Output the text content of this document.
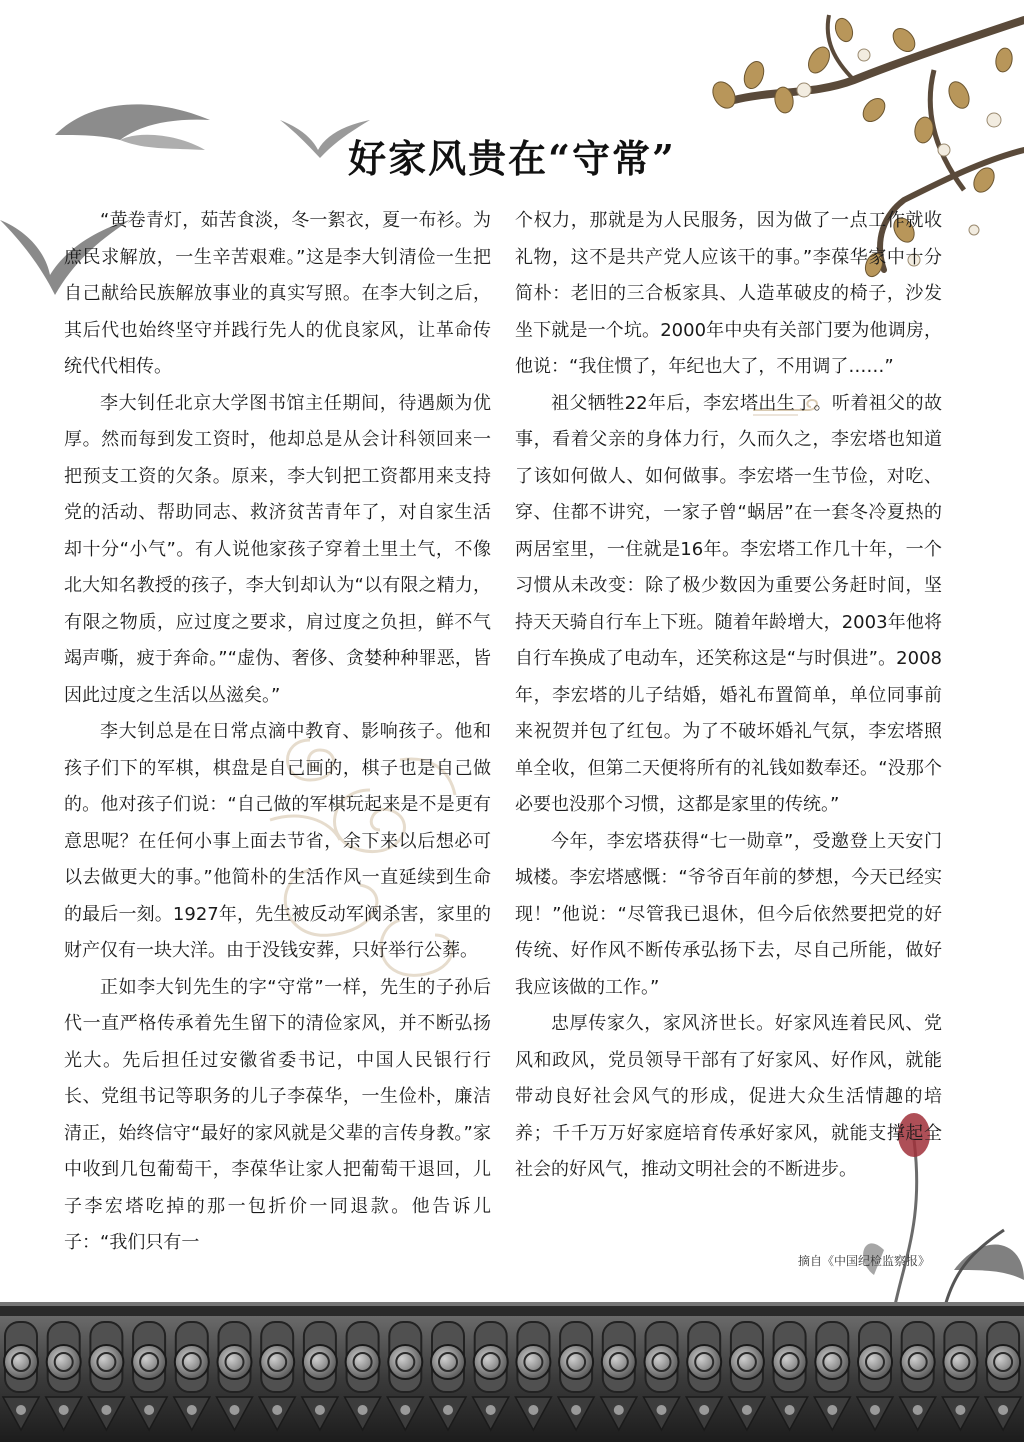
好家风贵在“守常”

“黄卷青灯，茹苦食淡，冬一絮衣，夏一布衫。为庶民求解放，一生辛苦艰难。”这是李大钊清俭一生把自己献给民族解放事业的真实写照。在李大钊之后，其后代也始终坚守并践行先人的优良家风，让革命传统代代相传。

李大钊任北京大学图书馆主任期间，待遇颇为优厚。然而每到发工资时，他却总是从会计科领回来一把预支工资的欠条。原来，李大钊把工资都用来支持党的活动、帮助同志、救济贫苦青年了，对自家生活却十分“小气”。有人说他家孩子穿着土里土气，不像北大知名教授的孩子，李大钊却认为“以有限之精力，有限之物质，应过度之要求，肩过度之负担，鲜不气竭声嘶，疲于奔命。”“虚伪、奢侈、贪婪种种罪恶，皆因此过度之生活以丛滋矣。”

李大钊总是在日常点滴中教育、影响孩子。他和孩子们下的军棋，棋盘是自己画的，棋子也是自己做的。他对孩子们说：“自己做的军棋玩起来是不是更有意思呢？在任何小事上面去节省，余下来以后想必可以去做更大的事。”他简朴的生活作风一直延续到生命的最后一刻。1927年，先生被反动军阀杀害，家里的财产仅有一块大洋。由于没钱安葬，只好举行公葬。

正如李大钊先生的字“守常”一样，先生的子孙后代一直严格传承着先生留下的清俭家风，并不断弘扬光大。先后担任过安徽省委书记，中国人民银行行长、党组书记等职务的儿子李葆华，一生俭朴，廉洁清正，始终信守“最好的家风就是父辈的言传身教。”家中收到几包葡萄干，李葆华让家人把葡萄干退回，儿子李宏塔吃掉的那一包折价一同退款。他告诉儿子：“我们只有一

个权力，那就是为人民服务，因为做了一点工作就收礼物，这不是共产党人应该干的事。”李葆华家中十分简朴：老旧的三合板家具、人造革破皮的椅子，沙发坐下就是一个坑。2000年中央有关部门要为他调房，他说：“我住惯了，年纪也大了，不用调了……”

祖父牺牲22年后，李宏塔出生了。听着祖父的故事，看着父亲的身体力行，久而久之，李宏塔也知道了该如何做人、如何做事。李宏塔一生节俭，对吃、穿、住都不讲究，一家子曾“蜗居”在一套冬冷夏热的两居室里，一住就是16年。李宏塔工作几十年，一个习惯从未改变：除了极少数因为重要公务赶时间，坚持天天骑自行车上下班。随着年龄增大，2003年他将自行车换成了电动车，还笑称这是“与时俱进”。2008年，李宏塔的儿子结婚，婚礼布置简单，单位同事前来祝贺并包了红包。为了不破坏婚礼气氛，李宏塔照单全收，但第二天便将所有的礼钱如数奉还。“没那个必要也没那个习惯，这都是家里的传统。”

今年，李宏塔获得“七一勋章”，受邀登上天安门城楼。李宏塔感慨：“爷爷百年前的梦想，今天已经实现！”他说：“尽管我已退休，但今后依然要把党的好传统、好作风不断传承弘扬下去，尽自己所能，做好我应该做的工作。”

忠厚传家久，家风济世长。好家风连着民风、党风和政风，党员领导干部有了好家风、好作风，就能带动良好社会风气的形成，促进大众生活情趣的培养；千千万万好家庭培育传承好家风，就能支撑起全社会的好风气，推动文明社会的不断进步。

摘自《中国纪检监察报》
